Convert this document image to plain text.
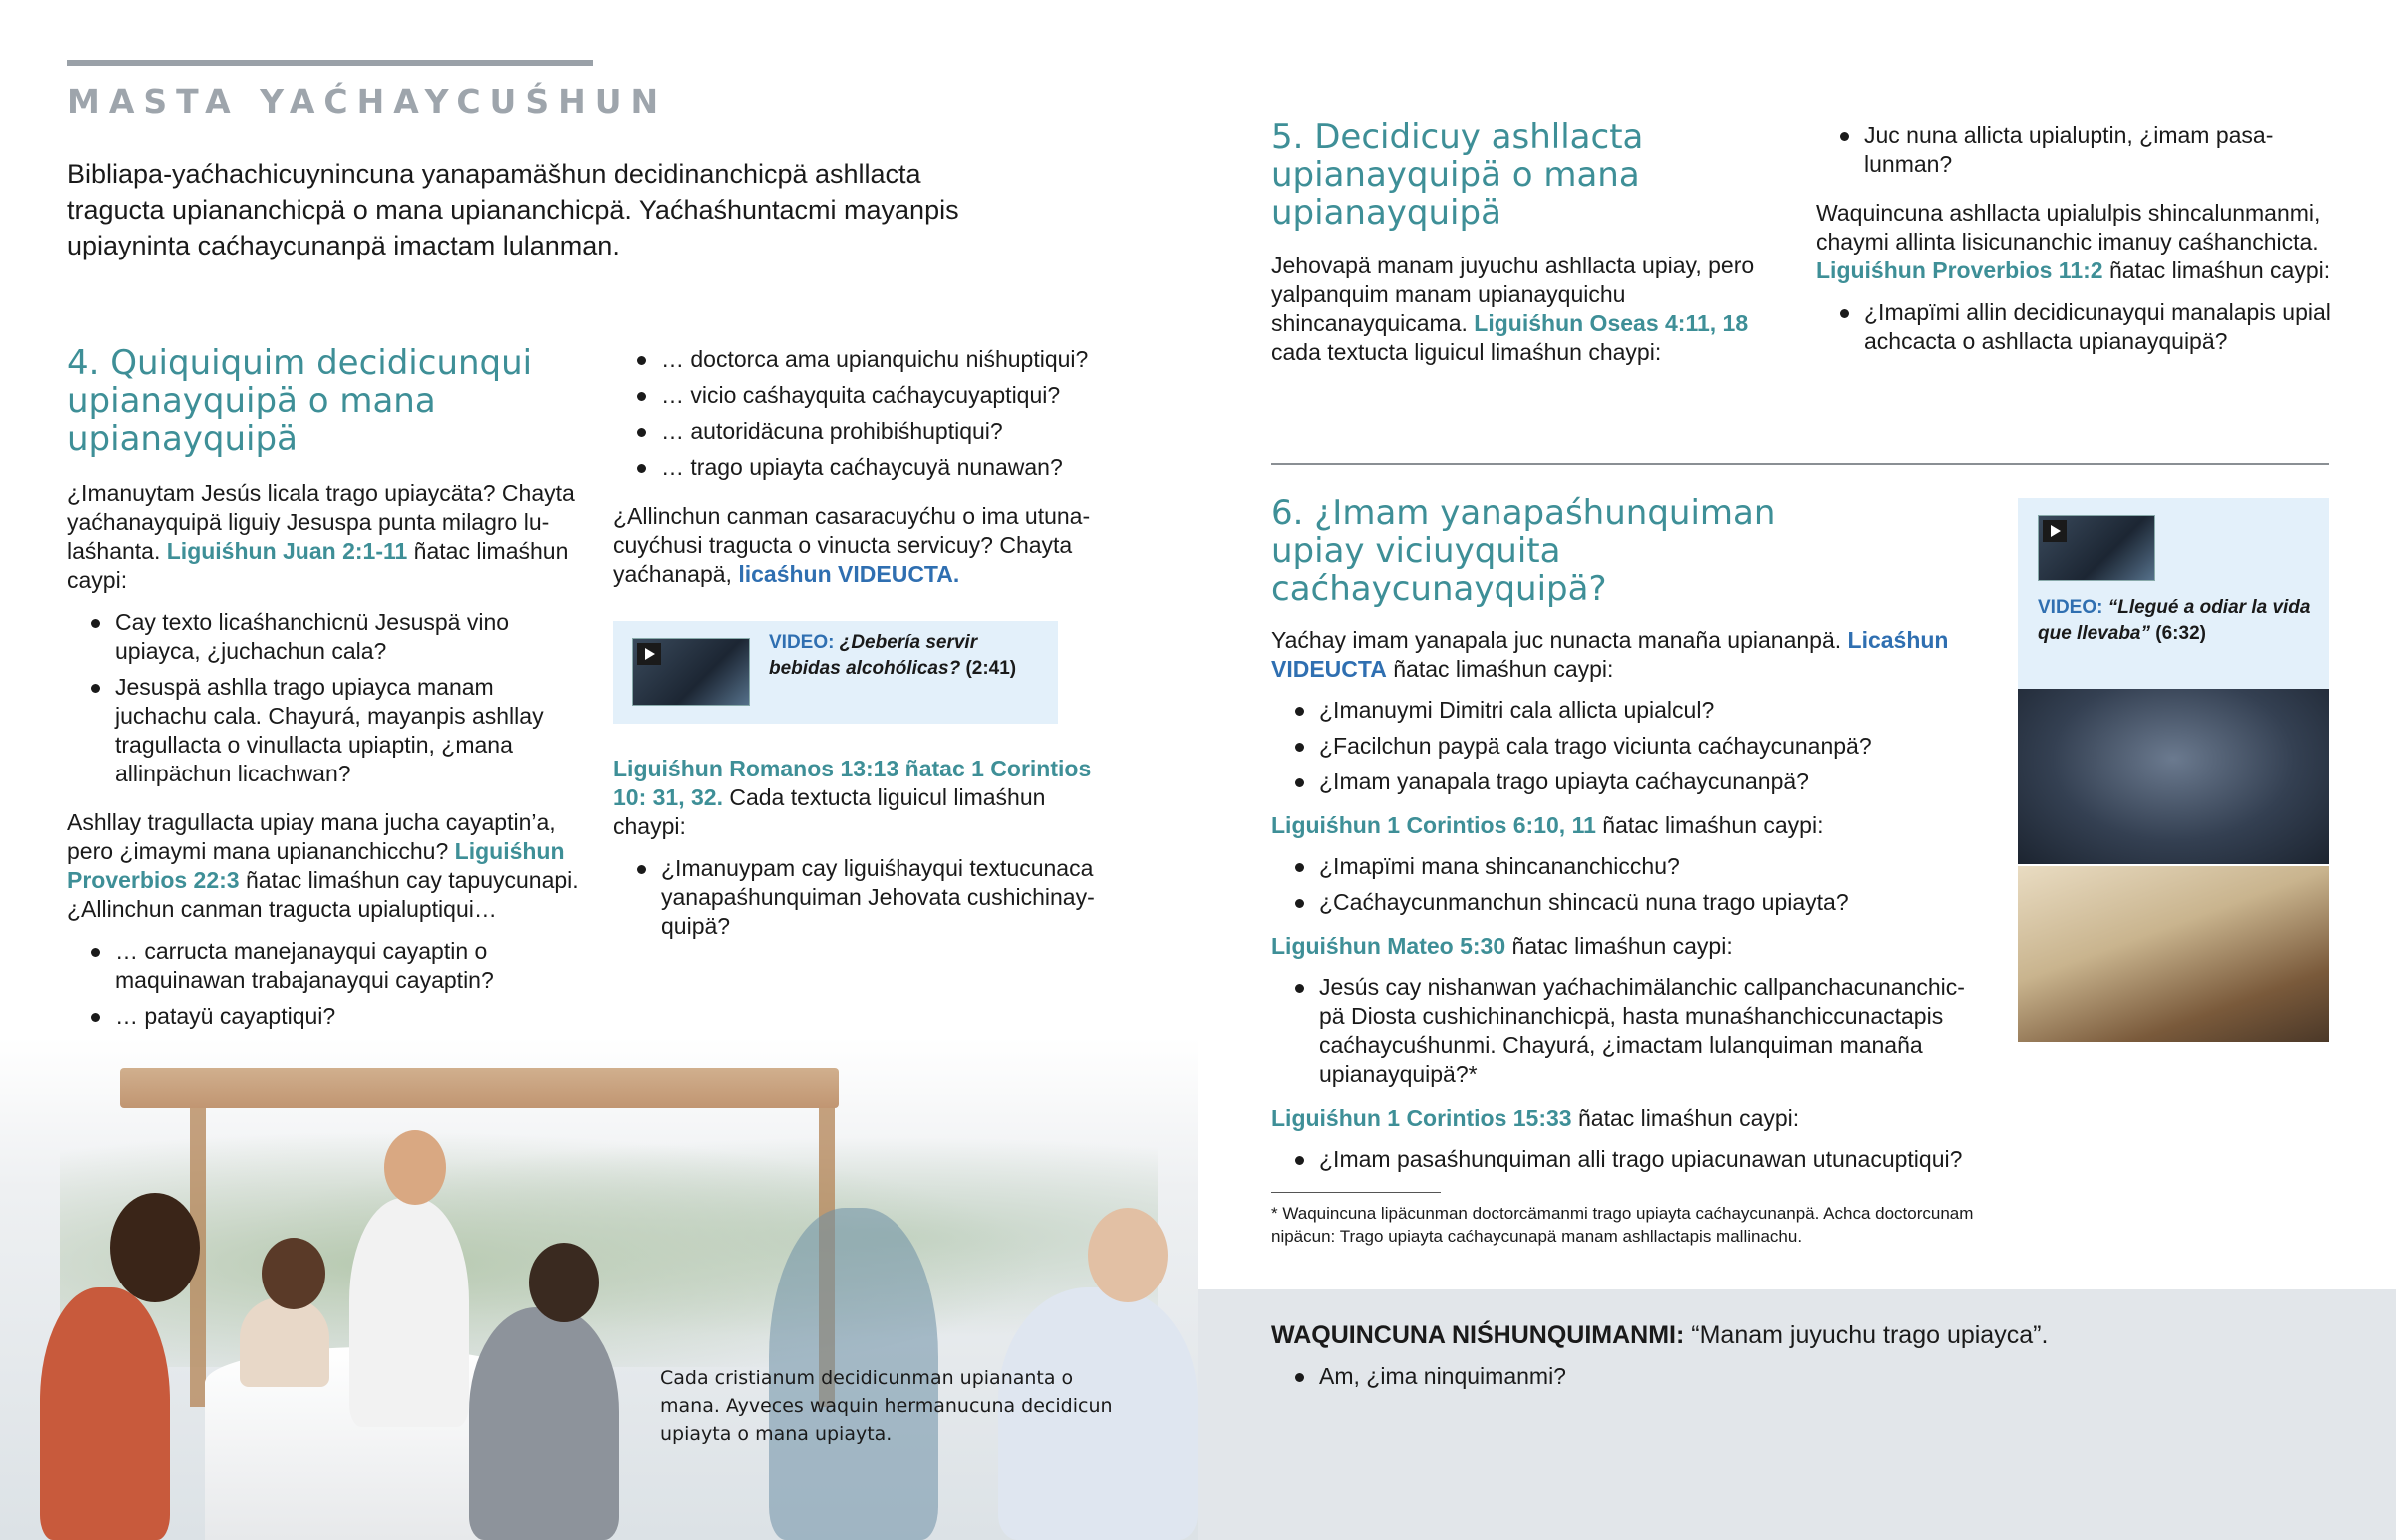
MASTA YAĆHAYCUŚHUN
Bibliapa-yaćhachicuynincuna yanapamäšhun decidinanchicpä ashllacta tragucta upiananchicpä o mana upiananchicpä. Yaćhaśhuntacmi mayanpis upiayninta caćhaycunanpä imactam lulanman.
4. Quiquiquim decidicunqui upianayquipä o mana upianayquipä

¿Imanuytam Jesús licala trago upiaycäta? Chayta yaćhanayquipä liguiy Jesuspa punta milagro lulaśhanta. Liguiśhun Juan 2:1-11 ñatac limaśhun caypi:

Cay texto licaśhanchicnü Jesuspä vino upiayca, ¿juchachun cala?
Jesuspä ashlla trago upiayca manam juchachu cala. Chayurá, mayanpis ashllay tragullacta o vinullacta upiaptin, ¿mana allinpächun licachwan?

Ashllay tragullacta upiay mana jucha cayaptin’a, pero ¿imaymi mana upiananchicchu? Liguiśhun Proverbios 22:3 ñatac limaśhun cay tapuycunapi. ¿Allinchun canman tragucta upialuptiqui…

… carructa manejanayqui cayaptin o maquinawan trabajanayqui cayaptin?
… patayü cayaptiqui?
… doctorca ama upianquichu niśhuptiqui?
… vicio caśhayquita caćhaycuyaptiqui?
… autoridäcuna prohibiśhuptiqui?
… trago upiayta caćhaycuyä nunawan?

¿Allinchun canman casaracuyćhu o ima utunacuyćhusi tragucta o vinucta servicuy? Chayta yaćhanapä, licaśhun VIDEUCTA.

VIDEO: ¿Debería servir bebidas alcohólicas? (2:41)

Liguiśhun Romanos 13:13 ñatac 1 Corintios 10: 31, 32. Cada textucta liguicul limaśhun chaypi:

¿Imanuypam cay liguiśhayqui textucunaca yanapaśhunquiman Jehovata cushichinayquipä?
Cada cristianum decidicunman upiananta o mana. Ayveces waquin hermanucuna decidicun upiayta o mana upiayta.
5. Decidicuy ashllacta upianayquipä o mana upianayquipä

Jehovapä manam juyuchu ashllacta upiay, pero yalpanquim manam upianayquichu shincanayquicama. Liguiśhun Oseas 4:11, 18 cada textucta liguicul limaśhun chaypi:

Juc nuna allicta upialuptin, ¿imam pasalunman?

Waquincuna ashllacta upialulpis shincalunmanmi, chaymi allinta lisicunanchic imanuy caśhanchicta. Liguiśhun Proverbios 11:2 ñatac limaśhun caypi:

¿Imapïmi allin decidicunayqui manalapis upial achcacta o ashllacta upianayquipä?
6. ¿Imam yanapaśhunquiman upiay viciuyquita caćhaycunayquipä?

Yaćhay imam yanapala juc nunacta manaña upiananpä. Licaśhun VIDEUCTA ñatac limaśhun caypi:

¿Imanuymi Dimitri cala allicta upialcul?
¿Facilchun paypä cala trago viciunta caćhaycunanpä?
¿Imam yanapala trago upiayta caćhaycunanpä?

Liguiśhun 1 Corintios 6:10, 11 ñatac limaśhun caypi:

¿Imapïmi mana shincananchicchu?
¿Caćhaycunmanchun shincacü nuna trago upiayta?

Liguiśhun Mateo 5:30 ñatac limaśhun caypi:

Jesús cay nishanwan yaćhachimälanchic callpanchacunanchicpä Diosta cushichinanchicpä, hasta munaśhanchiccunactapis caćhaycuśhunmi. Chayurá, ¿imactam lulanquiman manaña upianayquipä?*

Liguiśhun 1 Corintios 15:33 ñatac limaśhun caypi:

¿Imam pasaśhunquiman alli trago upiacunawan utunacuptiqui?
VIDEO: “Llegué a odiar la vida que llevaba” (6:32)
* Waquincuna lipäcunman doctorcämanmi trago upiayta caćhaycunanpä. Achca doctorcunam nipäcun: Trago upiayta caćhaycunapä manam ashllactapis mallinachu.

WAQUINCUNA NIŚHUNQUIMANMI: “Manam juyuchu trago upiayca”.

Am, ¿ima ninquimanmi?
